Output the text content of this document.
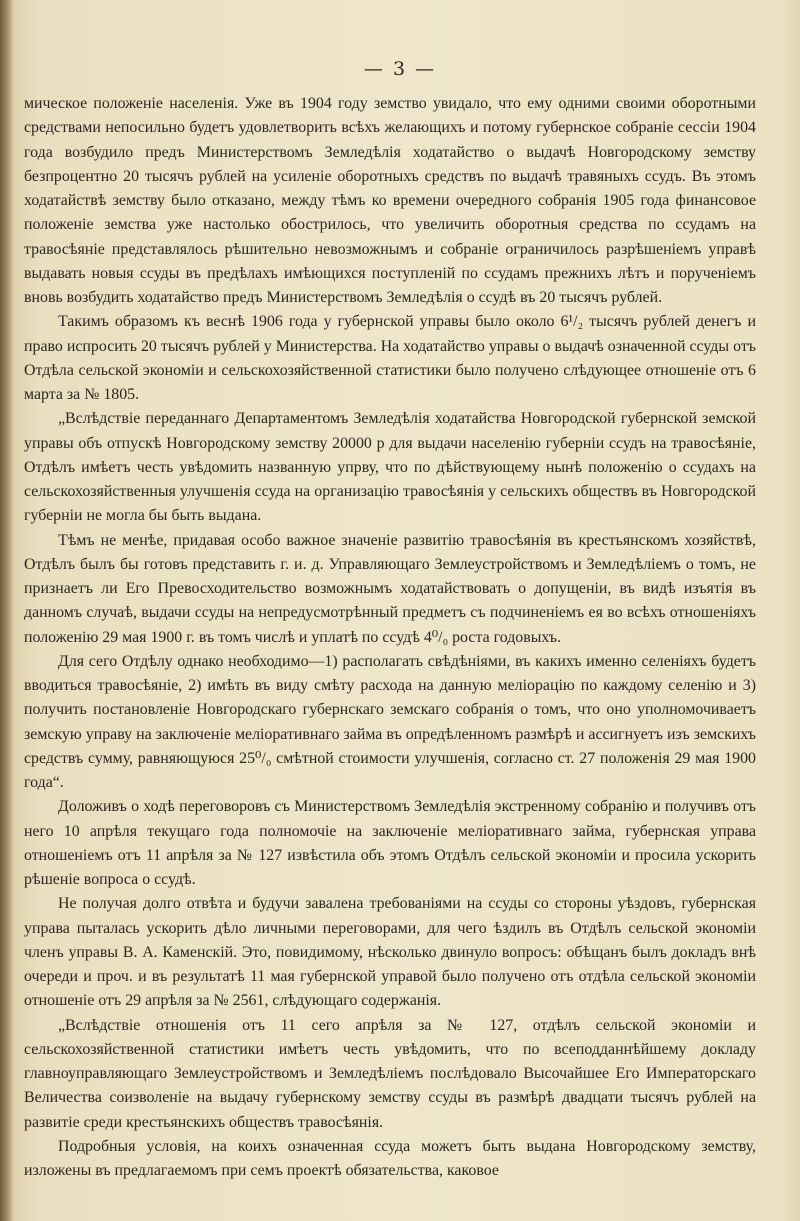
— 3 —

мическое положеніе населенія. Уже въ 1904 году земство увидало, что ему одними своими оборотными средствами непосильно будетъ удовлетворить всѣхъ желающихъ и потому губернское собраніе сессіи 1904 года возбудило предъ Министерствомъ Земледѣлія ходатайство о выдачѣ Новгородскому земству безпроцентно 20 тысячъ рублей на усиленіе оборотныхъ средствъ по выдачѣ травяныхъ ссудъ. Въ этомъ ходатайствѣ земству было отказано, между тѣмъ ко времени очередного собранія 1905 года финансовое положеніе земства уже настолько обострилось, что увеличить оборотныя средства по ссудамъ на травосѣяніе представлялось рѣшительно невозможнымъ и собраніе ограничилось разрѣшеніемъ управѣ выдавать новыя ссуды въ предѣлахъ имѣющихся поступленій по ссудамъ прежнихъ лѣтъ и порученіемъ вновь возбудить ходатайство предъ Министерствомъ Земледѣлія о ссудѣ въ 20 тысячъ рублей.

Такимъ образомъ къ веснѣ 1906 года у губернской управы было около 6¹/₂ тысячъ рублей денегъ и право испросить 20 тысячъ рублей у Министерства. На ходатайство управы о выдачѣ означенной ссуды отъ Отдѣла сельской экономіи и сельскохозяйственной статистики было получено слѣдующее отношеніе отъ 6 марта за № 1805.

„Вслѣдствіе переданнаго Департаментомъ Земледѣлія ходатайства Новгородской губернской земской управы объ отпускѣ Новгородскому земству 20000 р для выдачи населенію губерніи ссудъ на травосѣяніе, Отдѣлъ имѣетъ честь увѣдомить названную упрву, что по дѣйствующему нынѣ положенію о ссудахъ на сельскохозяйственныя улучшенія ссуда на организацію травосѣянія у сельскихъ обществъ въ Новгородской губерніи не могла бы быть выдана.

Тѣмъ не менѣе, придавая особо важное значеніе развитію травосѣянія въ крестьянскомъ хозяйствѣ, Отдѣлъ былъ бы готовъ представить г. и. д. Управляющаго Землеустройствомъ и Земледѣліемъ о томъ, не признаетъ ли Его Превосходительство возможнымъ ходатайствовать о допущеніи, въ видѣ изъятія въ данномъ случаѣ, выдачи ссуды на непредусмотрѣнный предметъ съ подчиненіемъ ея во всѣхъ отношеніяхъ положенію 29 мая 1900 г. въ томъ числѣ и уплатѣ по ссудѣ 4⁰/₀ роста годовыхъ.

Для сего Отдѣлу однако необходимо—1) располагать свѣдѣніями, въ какихъ именно селеніяхъ будетъ вводиться травосѣяніе, 2) имѣть въ виду смѣту расхода на данную меліорацію по каждому селенію и 3) получить постановленіе Новгородскаго губернскаго земскаго собранія о томъ, что оно уполномочиваетъ земскую управу на заключеніе меліоративнаго займа въ опредѣленномъ размѣрѣ и ассигнуетъ изъ земскихъ средствъ сумму, равняющуюся 25⁰/₀ смѣтной стоимости улучшенія, согласно ст. 27 положенія 29 мая 1900 года“.

Доложивъ о ходѣ переговоровъ съ Министерствомъ Земледѣлія экстренному собранію и получивъ отъ него 10 апрѣля текущаго года полномочіе на заключеніе меліоративнаго займа, губернская управа отношеніемъ отъ 11 апрѣля за № 127 извѣстила объ этомъ Отдѣлъ сельской экономіи и просила ускорить рѣшеніе вопроса о ссудѣ.

Не получая долго отвѣта и будучи завалена требованіями на ссуды со стороны уѣздовъ, губернская управа пыталась ускорить дѣло личными переговорами, для чего ѣздилъ въ Отдѣлъ сельской экономіи членъ управы В. А. Каменскій. Это, повидимому, нѣсколько двинуло вопросъ: обѣщанъ былъ докладъ внѣ очереди и проч. и въ результатѣ 11 мая губернской управой было получено отъ отдѣла сельской экономіи отношеніе отъ 29 апрѣля за № 2561, слѣдующаго содержанія.

„Вслѣдствіе отношенія отъ 11 сего апрѣля за № 127, отдѣлъ сельской экономіи и сельскохозяйственной статистики имѣетъ честь увѣдомить, что по всеподданнѣйшему докладу главноуправляющаго Землеустройствомъ и Земледѣліемъ послѣдовало Высочайшее Его Императорскаго Величества соизволеніе на выдачу губернскому земству ссуды въ размѣрѣ двадцати тысячъ рублей на развитіе среди крестьянскихъ обществъ травосѣянія.

Подробныя условія, на коихъ означенная ссуда можетъ быть выдана Новгородскому земству, изложены въ предлагаемомъ при семъ проектѣ обязательства, каковое
